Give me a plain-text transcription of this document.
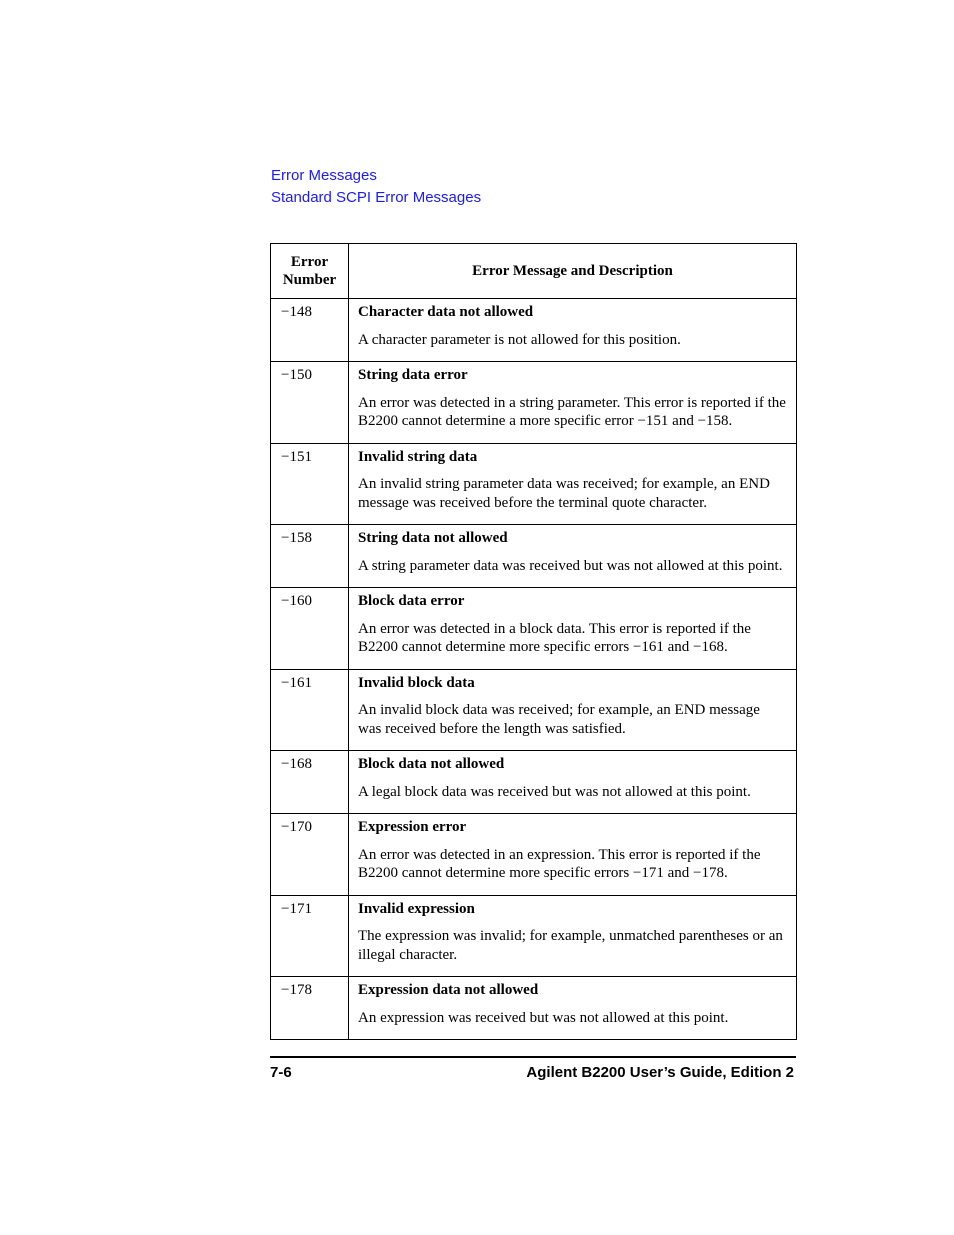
Error Messages
Standard SCPI Error Messages
Error Number	Error Message and Description
−148	Character data not allowed

A character parameter is not allowed for this position.

−150	String data error

An error was detected in a string parameter. This error is reported if the B2200 cannot determine a more specific error −151 and −158.

−151	Invalid string data

An invalid string parameter data was received; for example, an END message was received before the terminal quote character.

−158	String data not allowed

A string parameter data was received but was not allowed at this point.

−160	Block data error

An error was detected in a block data. This error is reported if the B2200 cannot determine more specific errors −161 and −168.

−161	Invalid block data

An invalid block data was received; for example, an END message was received before the length was satisfied.

−168	Block data not allowed

A legal block data was received but was not allowed at this point.

−170	Expression error

An error was detected in an expression. This error is reported if the B2200 cannot determine more specific errors −171 and −178.

−171	Invalid expression

The expression was invalid; for example, unmatched parentheses or an illegal character.

−178	Expression data not allowed

An expression was received but was not allowed at this point.

7-6	Agilent B2200 User’s Guide, Edition 2
